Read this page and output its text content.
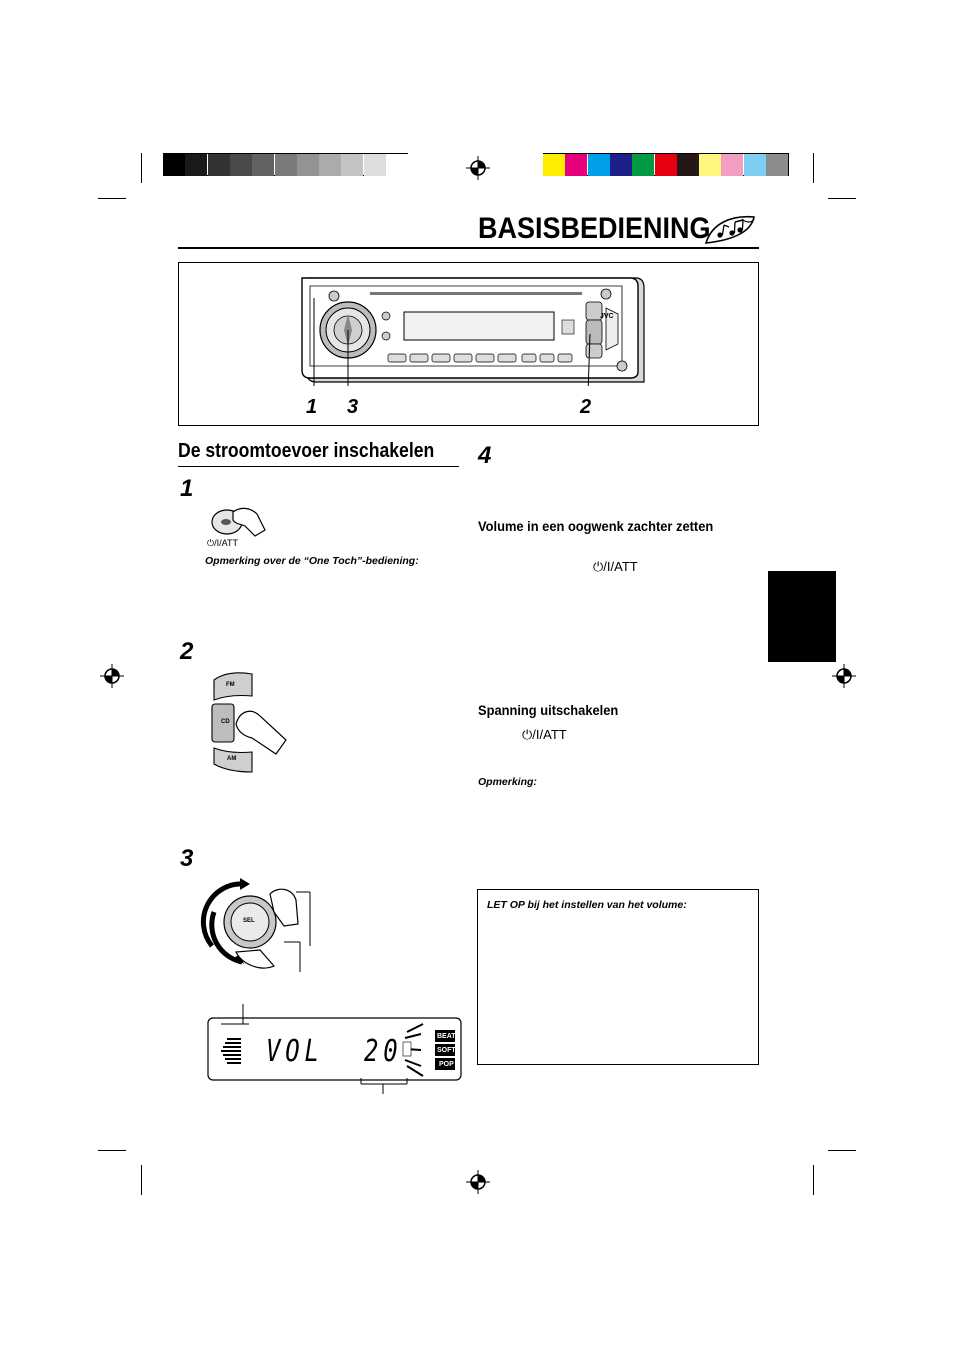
BASISBEDIENING
JVC
1 3	2
De stroomtoevoer inschakelen
1
⏻/I/ATT
Opmerking over de “One Toch”-bediening:
2
FM
CD
AM
3
SEL
VOL 20	BEAT
SOFT
POP
4
Volume in een oogwenk zachter zetten
⏻/I/ATT
Spanning uitschakelen
⏻/I/ATT
Opmerking:
LET OP bij het instellen van het volume:
